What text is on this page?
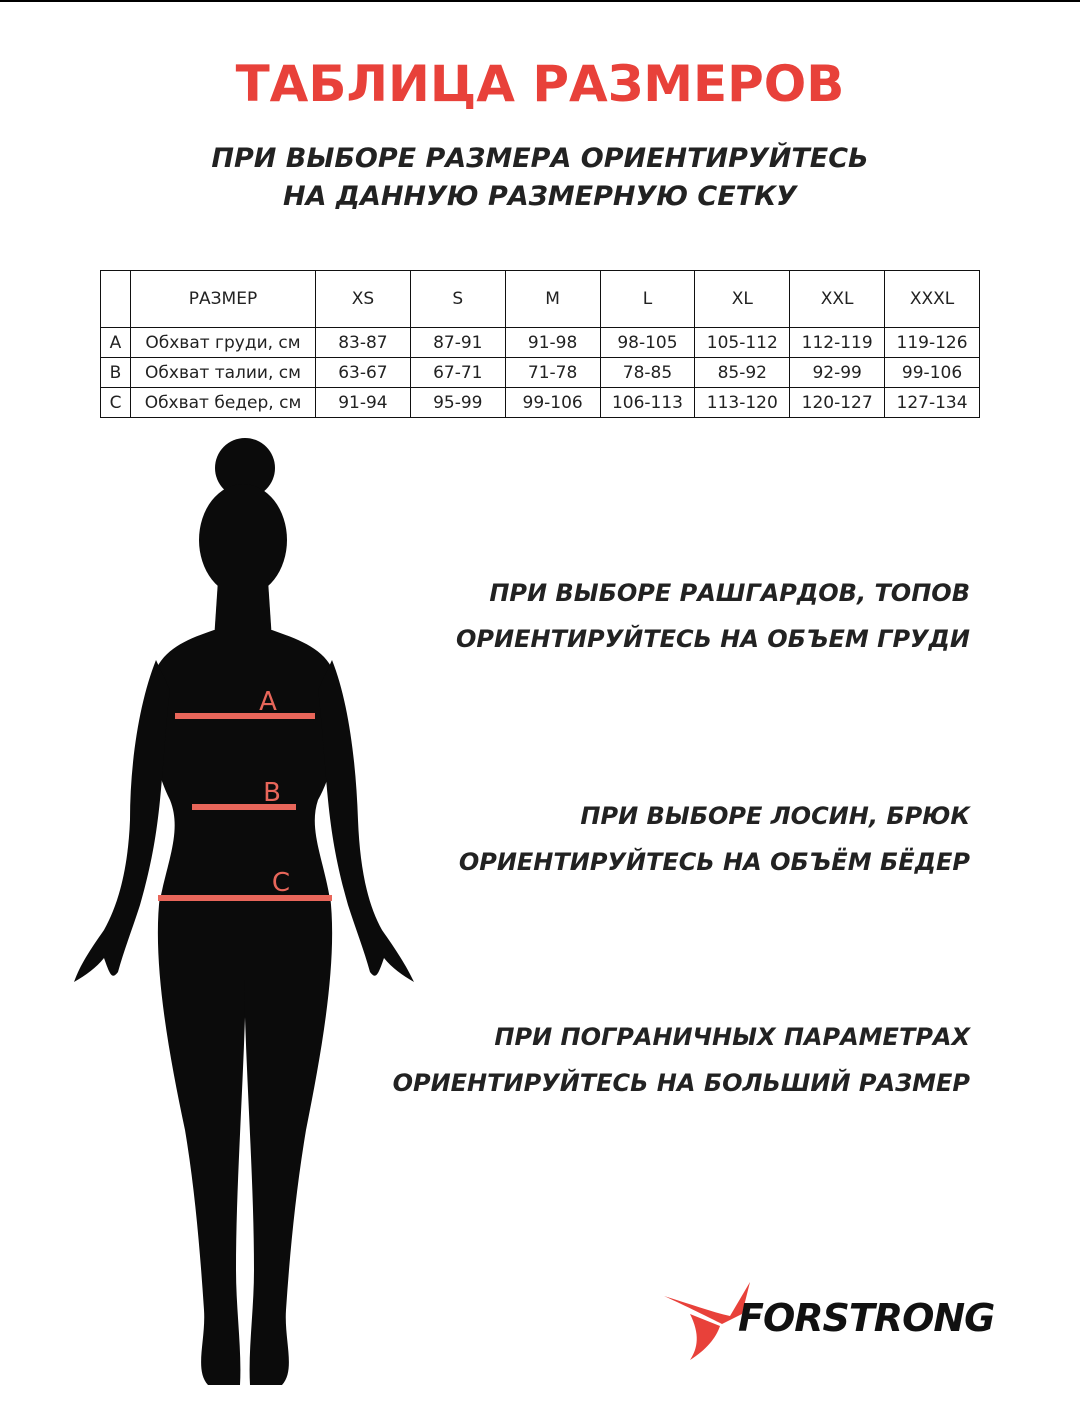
ТАБЛИЦА РАЗМЕРОВ
ПРИ ВЫБОРЕ РАЗМЕРА ОРИЕНТИРУЙТЕСЬ
НА ДАННУЮ РАЗМЕРНУЮ СЕТКУ
	РАЗМЕР	XS	S	M	L	XL	XXL	XXXL
A	Обхват груди, см	83-87	87-91	91-98	98-105	105-112	112-119	119-126
B	Обхват талии, см	63-67	67-71	71-78	78-85	85-92	92-99	99-106
C	Обхват бедер, см	91-94	95-99	99-106	106-113	113-120	120-127	127-134
A
B
C
ПРИ ВЫБОРЕ РАШГАРДОВ, ТОПОВ
ОРИЕНТИРУЙТЕСЬ НА ОБЪЕМ ГРУДИ
ПРИ ВЫБОРЕ ЛОСИН, БРЮК
ОРИЕНТИРУЙТЕСЬ НА ОБЪЁМ БЁДЕР
ПРИ ПОГРАНИЧНЫХ ПАРАМЕТРАХ
ОРИЕНТИРУЙТЕСЬ НА БОЛЬШИЙ РАЗМЕР
FORSTRONG
